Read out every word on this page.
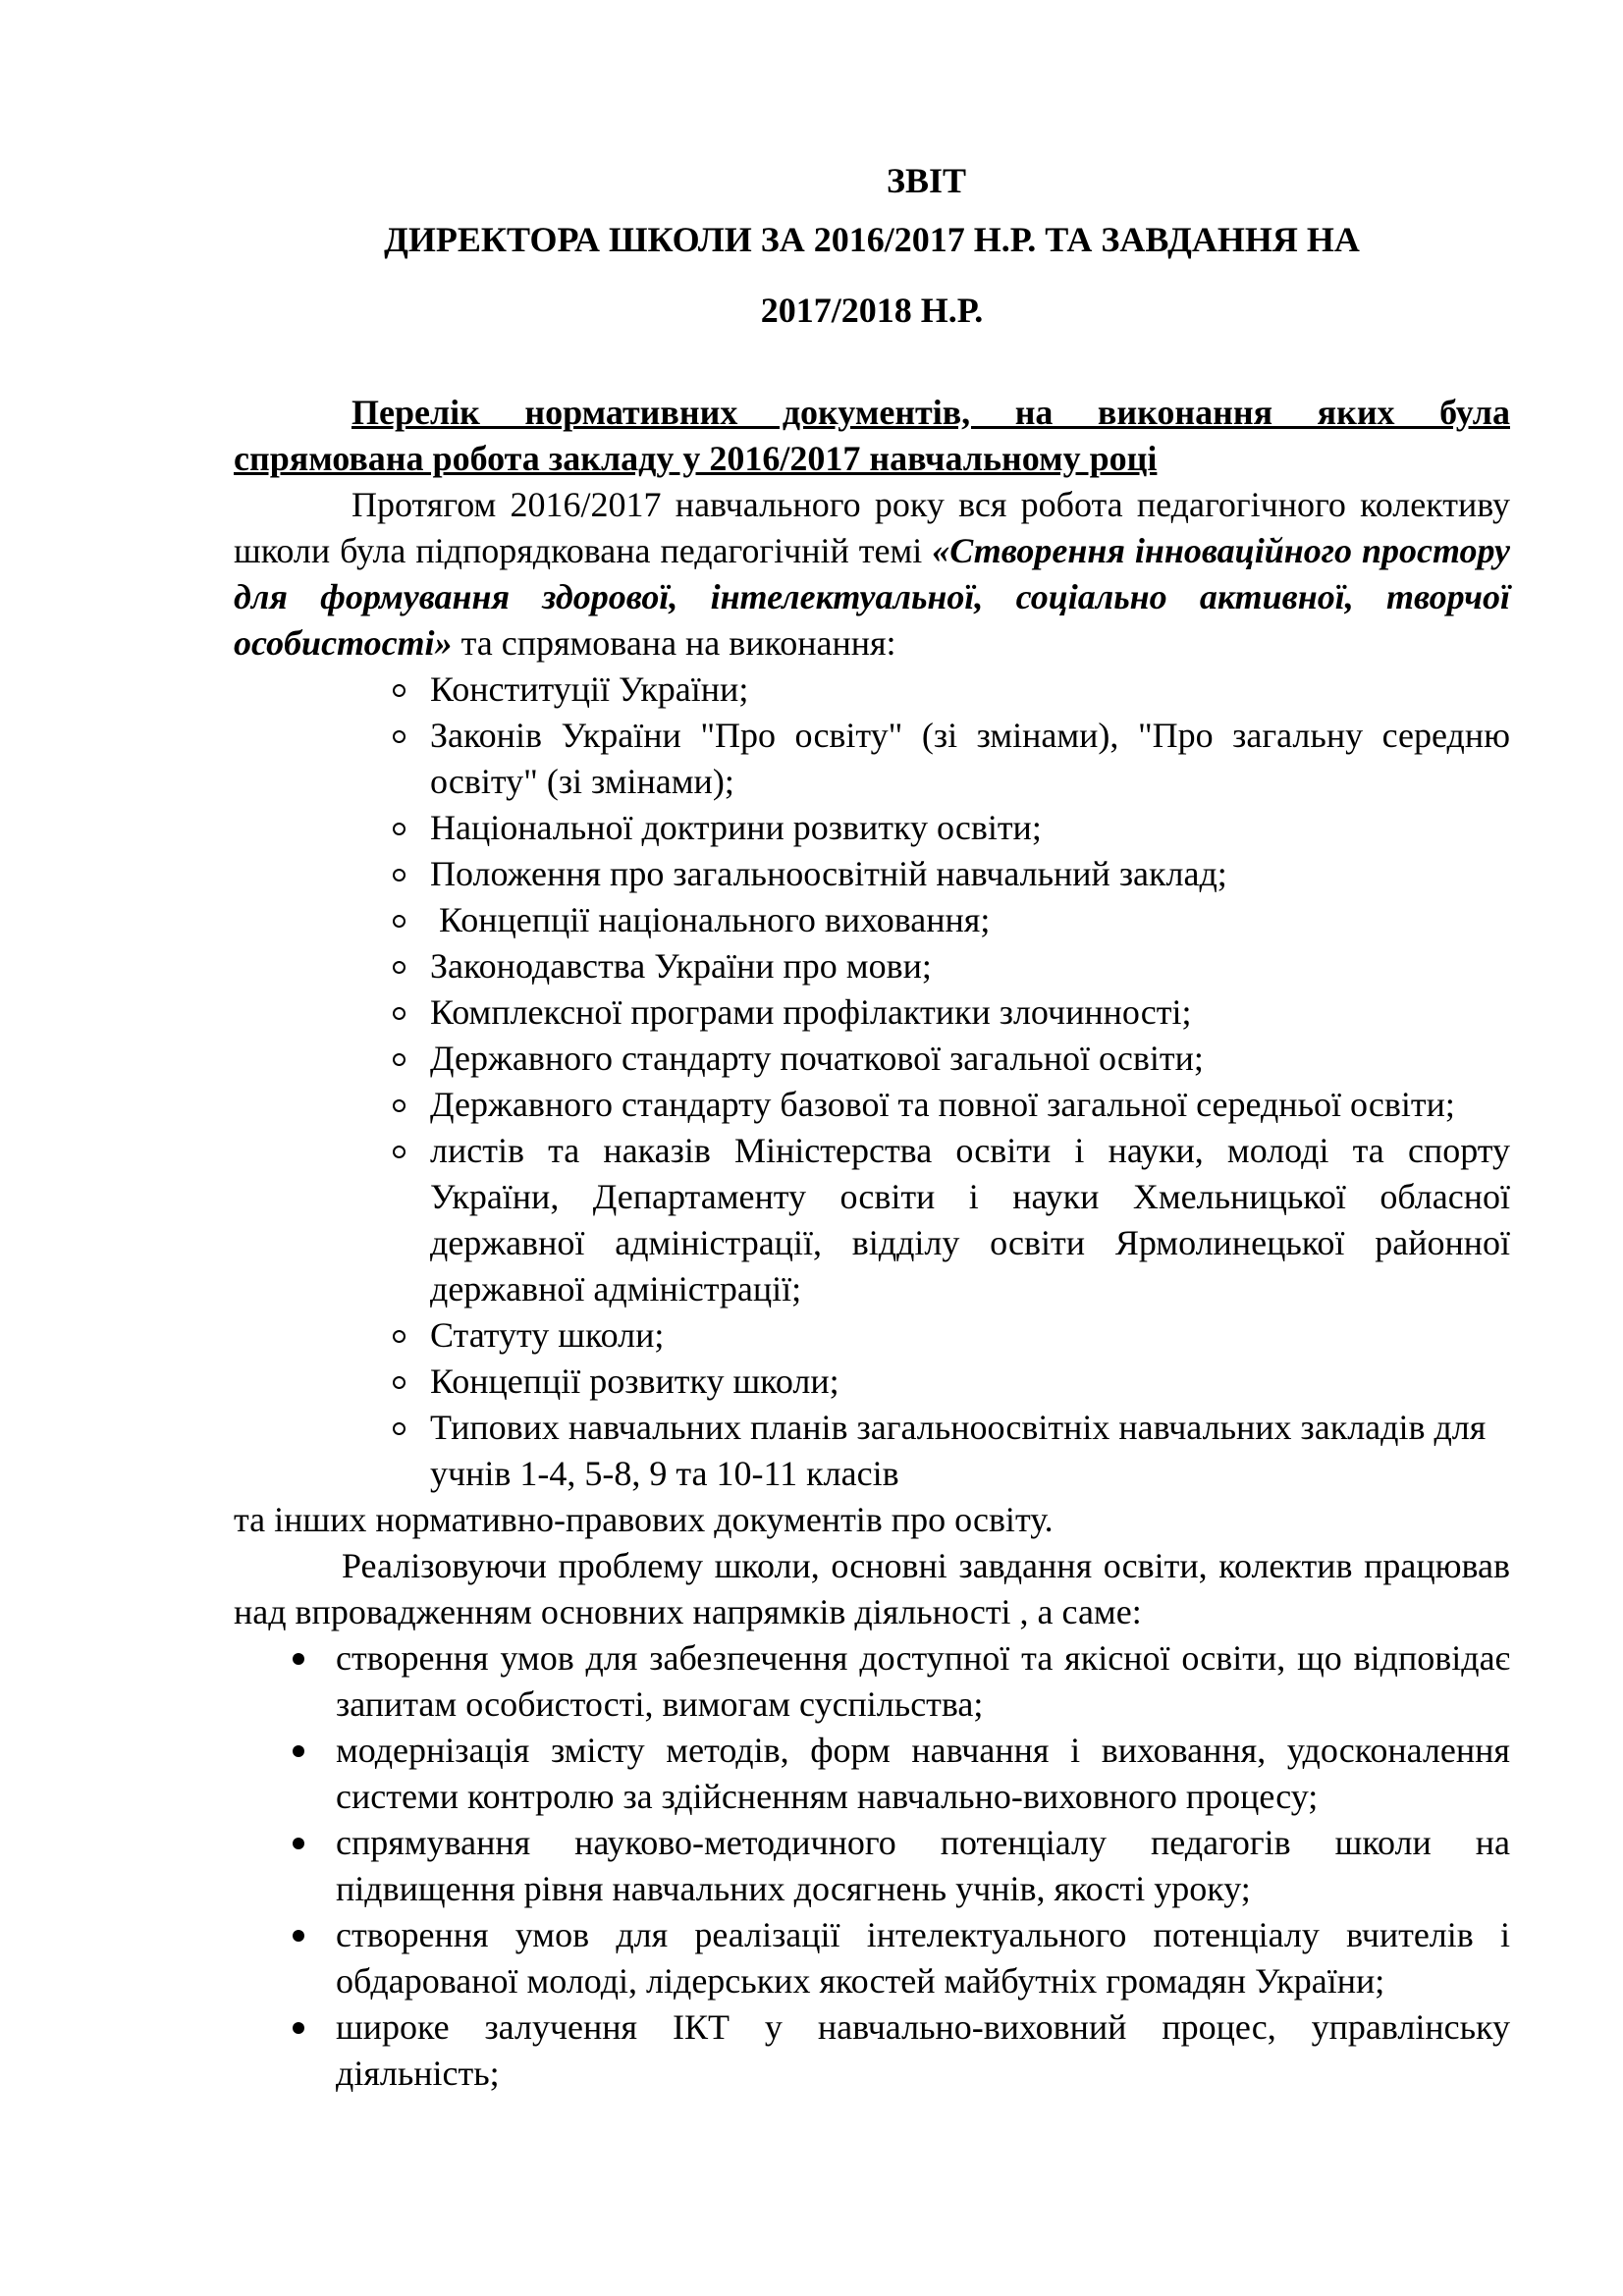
ЗВІТ
ДИРЕКТОРА ШКОЛИ ЗА 2016/2017 Н.Р. ТА ЗАВДАННЯ НА
2017/2018 Н.Р.

Перелік нормативних документів, на виконання яких була
спрямована робота закладу у 2016/2017 навчальному році

Протягом 2016/2017 навчального року вся робота педагогічного колективу школи була підпорядкована педагогічній темі «Створення інноваційного простору для формування здорової, інтелектуальної, соціально активної, творчої особистості» та спрямована на виконання:

Конституції України;
Законів України "Про освіту" (зі змінами), "Про загальну середню освіту" (зі змінами);
Національної доктрини розвитку освіти;
Положення про загальноосвітній навчальний заклад;
Концепції національного виховання;
Законодавства України про мови;
Комплексної програми профілактики злочинності;
Державного стандарту початкової загальної освіти;
Державного стандарту базової та повної загальної середньої освіти;
листів та наказів Міністерства освіти і науки, молоді та спорту України, Департаменту освіти і науки Хмельницької обласної державної адміністрації, відділу освіти Ярмолинецької районної державної адміністрації;
Статуту школи;
Концепції розвитку школи;
Типових навчальних планів загальноосвітніх навчальних закладів для учнів 1-4, 5-8, 9 та 10-11 класів

та інших нормативно-правових документів про освіту.

Реалізовуючи проблему школи, основні завдання освіти, колектив працював над впровадженням основних напрямків діяльності , а саме:

створення умов для забезпечення доступної та якісної освіти, що відповідає запитам особистості, вимогам суспільства;
модернізація змісту методів, форм навчання і виховання, удосконалення системи контролю за здійсненням навчально-виховного процесу;
спрямування науково-методичного потенціалу педагогів школи на підвищення рівня навчальних досягнень учнів, якості уроку;
створення умов для реалізації інтелектуального потенціалу вчителів і обдарованої молоді, лідерських якостей майбутніх громадян України;
широке залучення ІКТ у навчально-виховний процес, управлінську діяльність;
